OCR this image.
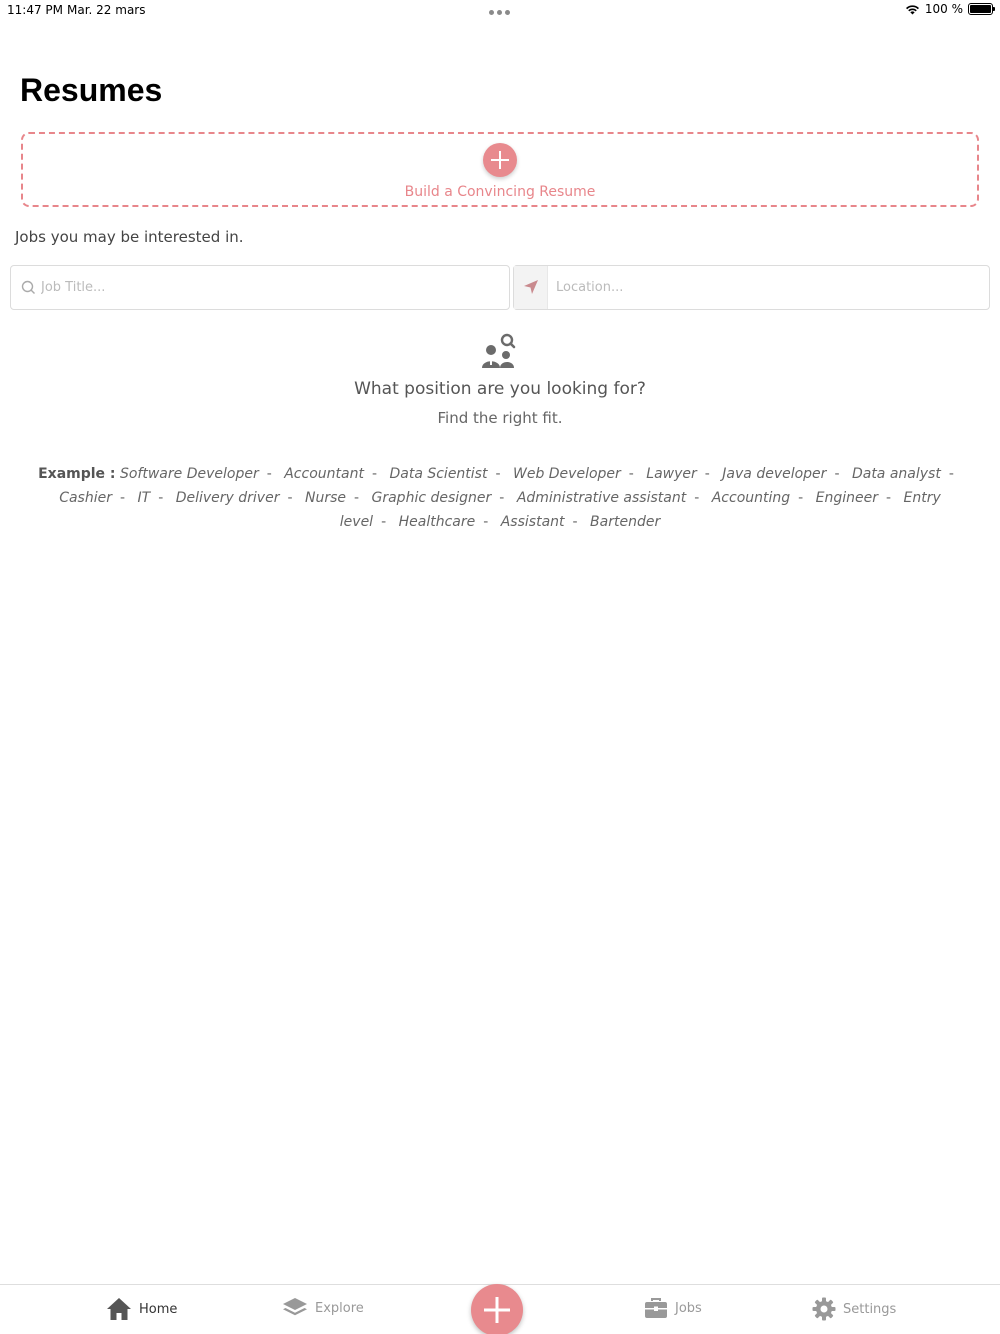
11:47 PM Mar. 22 mars	100 %
Resumes
Build a Convincing Resume
Jobs you may be interested in.
Job Title...
Location...
What position are you looking for?
Find the right fit.
Example : Software Developer - Accountant - Data Scientist - Web Developer - Lawyer - Java developer - Data analyst - Cashier - IT - Delivery driver - Nurse - Graphic designer - Administrative assistant - Accounting - Engineer - Entry level - Healthcare - Assistant - Bartender
Home	Explore	Jobs	Settings
